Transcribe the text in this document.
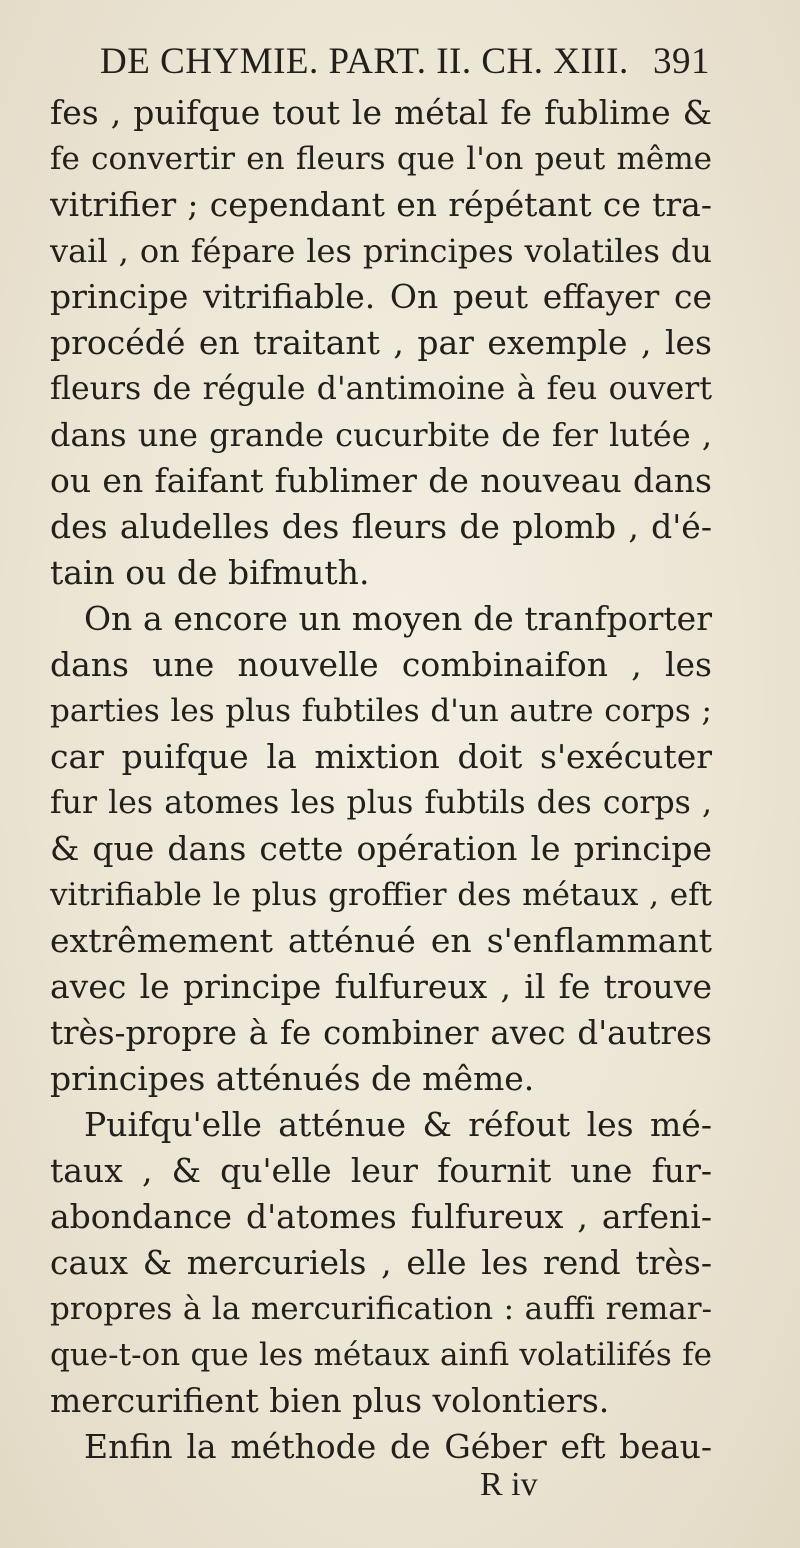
DE CHYMIE. PART. II. CH. XIII. 391
fes , puifque tout le métal fe fublime &
fe convertir en fleurs que l'on peut même
vitrifier ; cependant en répétant ce tra-
vail , on fépare les principes volatiles du
principe vitrifiable. On peut effayer ce
procédé en traitant , par exemple , les
fleurs de régule d'antimoine à feu ouvert
dans une grande cucurbite de fer lutée ,
ou en faifant fublimer de nouveau dans
des aludelles des fleurs de plomb , d'é-
tain ou de bifmuth.
On a encore un moyen de tranfporter
dans une nouvelle combinaifon , les
parties les plus fubtiles d'un autre corps ;
car puifque la mixtion doit s'exécuter
fur les atomes les plus fubtils des corps ,
& que dans cette opération le principe
vitrifiable le plus groffier des métaux , eft
extrêmement atténué en s'enflammant
avec le principe fulfureux , il fe trouve
très-propre à fe combiner avec d'autres
principes atténués de même.
Puifqu'elle atténue & réfout les mé-
taux , & qu'elle leur fournit une fur-
abondance d'atomes fulfureux , arfeni-
caux & mercuriels , elle les rend très-
propres à la mercurification : auffi remar-
que-t-on que les métaux ainfi volatilifés fe
mercurifient bien plus volontiers.
Enfin la méthode de Géber eft beau-
R iv
